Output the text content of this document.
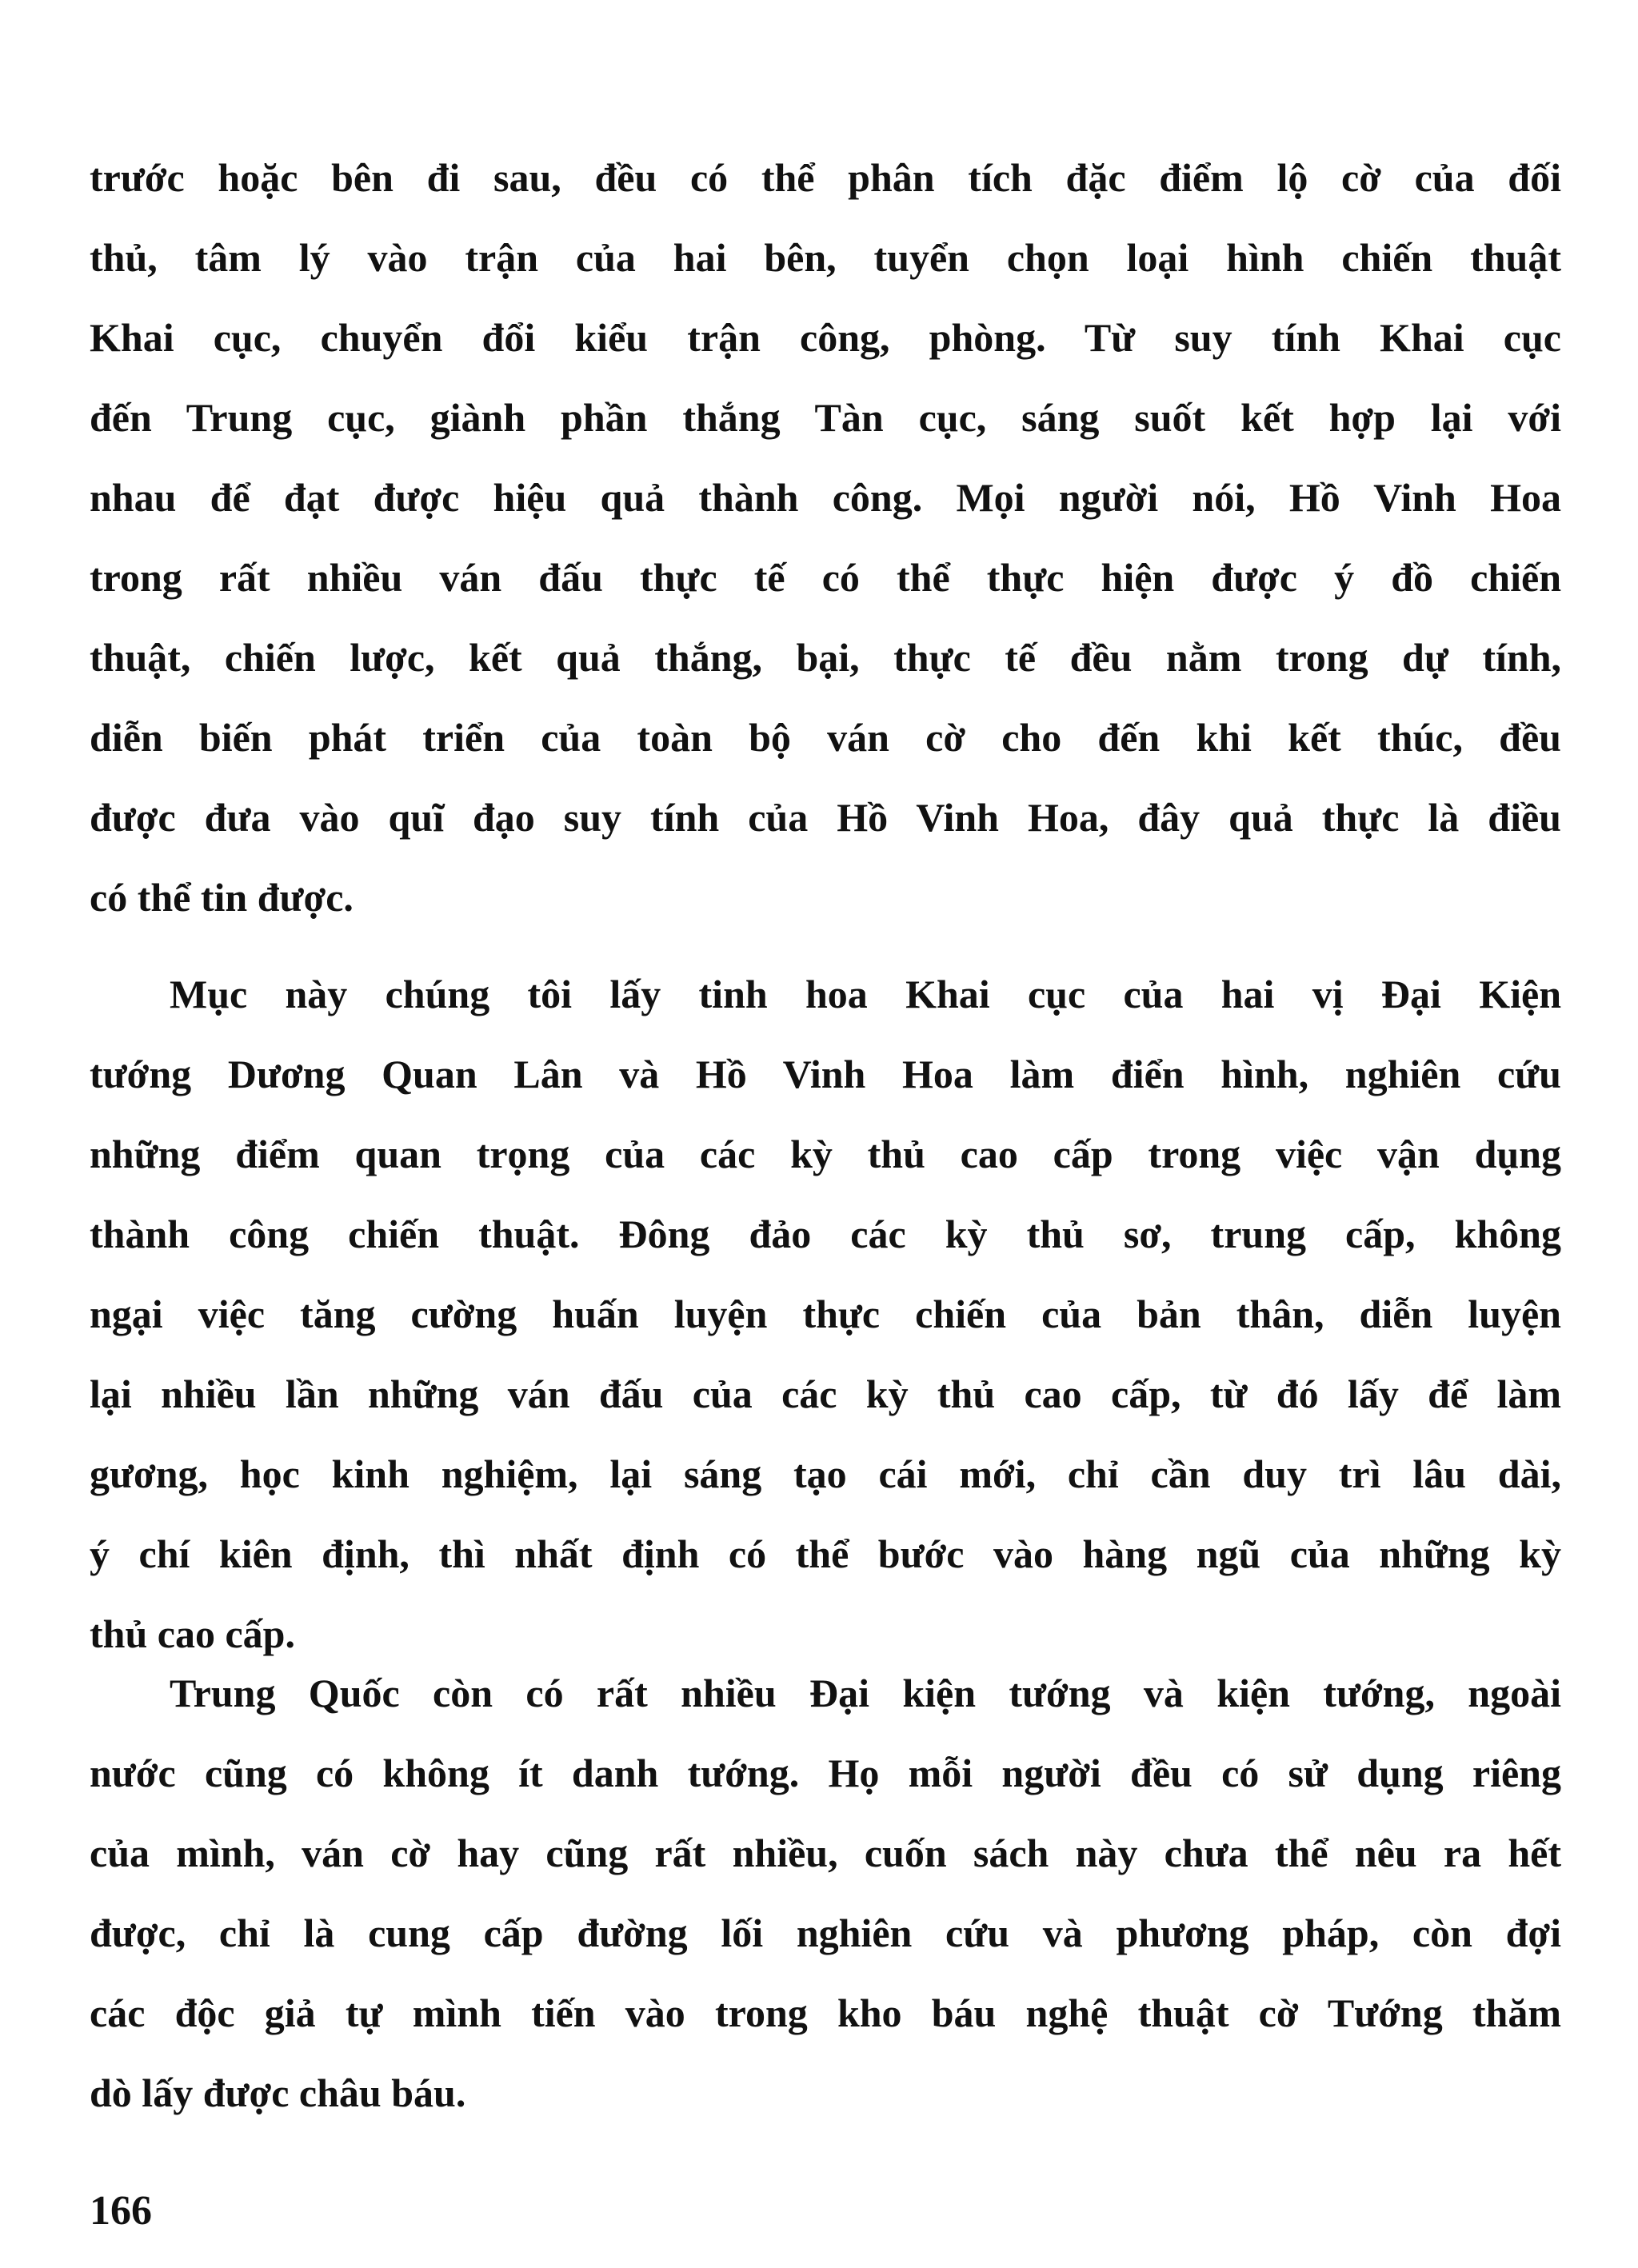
trước hoặc bên đi sau, đều có thể phân tích đặc điểm lộ cờ của đối
thủ, tâm lý vào trận của hai bên, tuyển chọn loại hình chiến thuật
Khai cục, chuyển đổi kiểu trận công, phòng. Từ suy tính Khai cục
đến Trung cục, giành phần thắng Tàn cục, sáng suốt kết hợp lại với
nhau để đạt được hiệu quả thành công. Mọi người nói, Hồ Vinh Hoa
trong rất nhiều ván đấu thực tế có thể thực hiện được ý đồ chiến
thuật, chiến lược, kết quả thắng, bại, thực tế đều nằm trong dự tính,
diễn biến phát triển của toàn bộ ván cờ cho đến khi kết thúc, đều
được đưa vào quĩ đạo suy tính của Hồ Vinh Hoa, đây quả thực là điều
có thể tin được.
Mục này chúng tôi lấy tinh hoa Khai cục của hai vị Đại Kiện
tướng Dương Quan Lân và Hồ Vinh Hoa làm điển hình, nghiên cứu
những điểm quan trọng của các kỳ thủ cao cấp trong việc vận dụng
thành công chiến thuật. Đông đảo các kỳ thủ sơ, trung cấp, không
ngại việc tăng cường huấn luyện thực chiến của bản thân, diễn luyện
lại nhiều lần những ván đấu của các kỳ thủ cao cấp, từ đó lấy để làm
gương, học kinh nghiệm, lại sáng tạo cái mới, chỉ cần duy trì lâu dài,
ý chí kiên định, thì nhất định có thể bước vào hàng ngũ của những kỳ
thủ cao cấp.
Trung Quốc còn có rất nhiều Đại kiện tướng và kiện tướng, ngoài
nước cũng có không ít danh tướng. Họ mỗi người đều có sử dụng riêng
của mình, ván cờ hay cũng rất nhiều, cuốn sách này chưa thể nêu ra hết
được, chỉ là cung cấp đường lối nghiên cứu và phương pháp, còn đợi
các độc giả tự mình tiến vào trong kho báu nghệ thuật cờ Tướng thăm
dò lấy được châu báu.
166
